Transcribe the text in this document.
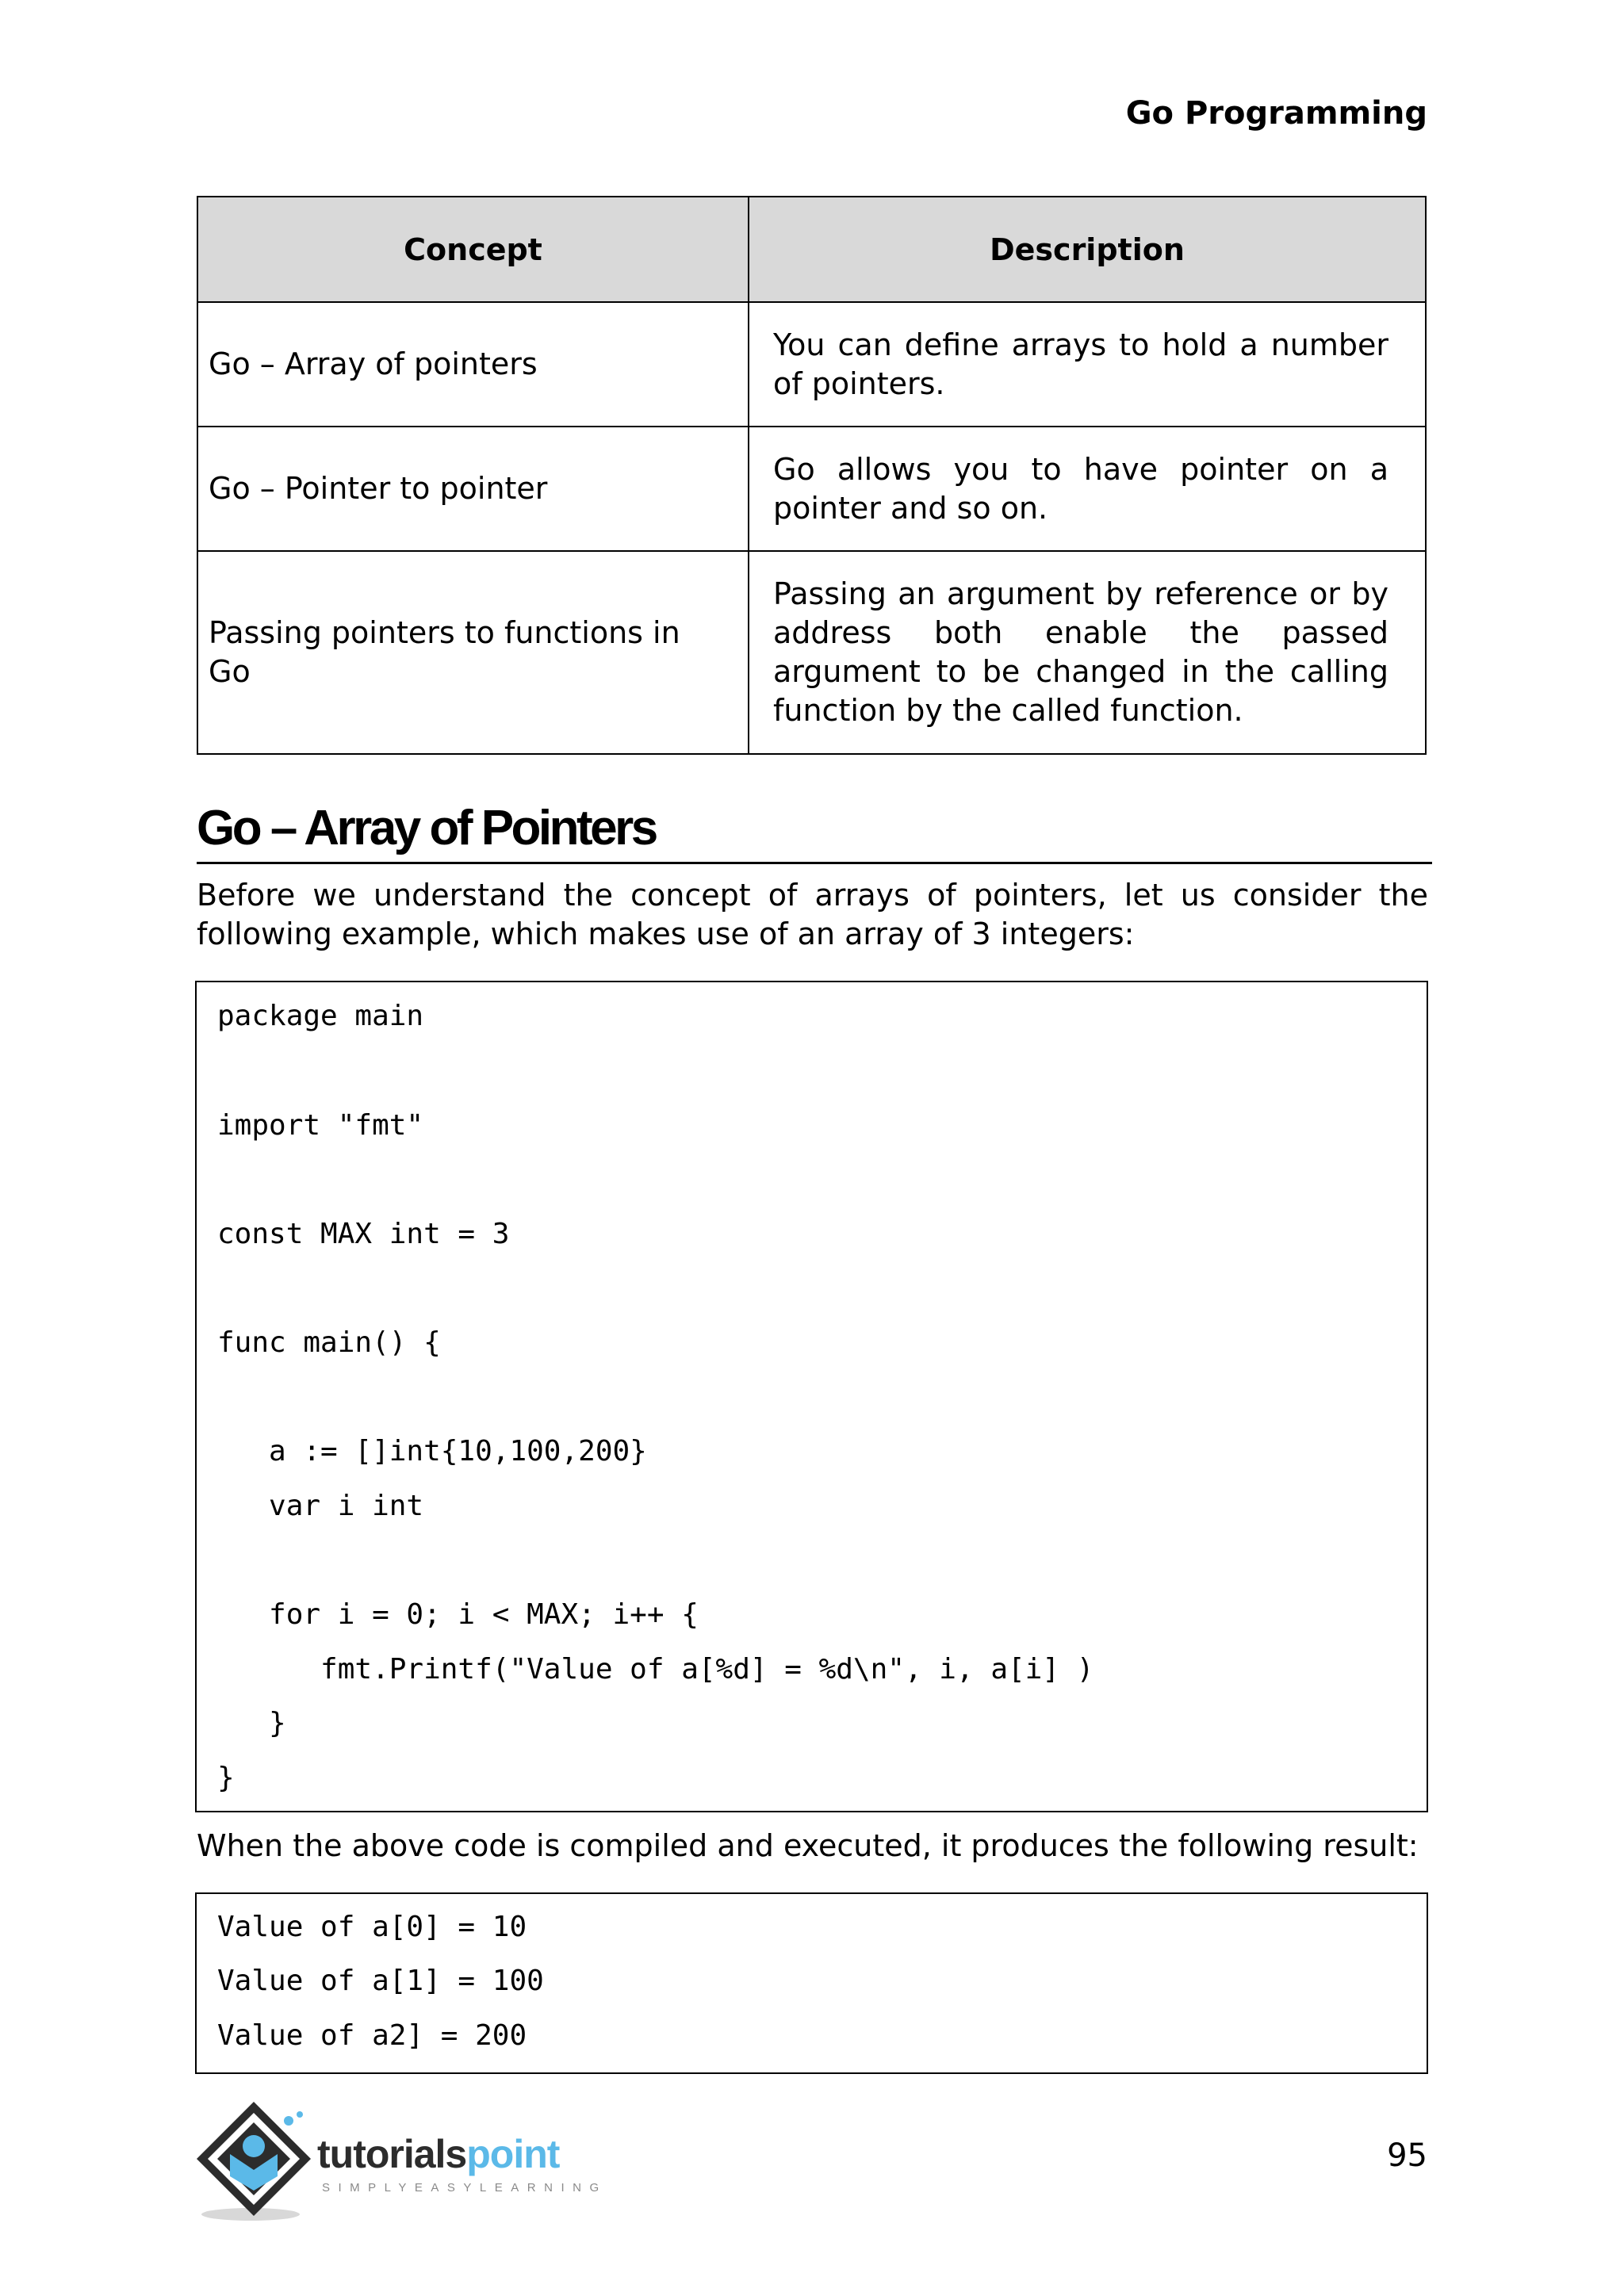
Go Programming

Concept	Description
Go – Array of pointers	You can define arrays to hold a number of pointers.
Go – Pointer to pointer	Go allows you to have pointer on a pointer and so on.
Passing pointers to functions in Go	Passing an argument by reference or by address both enable the passed argument to be changed in the calling function by the called function.
Go – Array of Pointers

Before we understand the concept of arrays of pointers, let us consider the following example, which makes use of an array of 3 integers:

package main
import "fmt"
const MAX int = 3
func main() {
a := []int{10,100,200}
var i int
for i = 0; i < MAX; i++ {
fmt.Printf("Value of a[%d] = %d\n", i, a[i] )
}
}

When the above code is compiled and executed, it produces the following result:

Value of a[0] = 10
Value of a[1] = 100
Value of a2] = 200
tutorialspoint
SIMPLYEASYLEARNING

95
